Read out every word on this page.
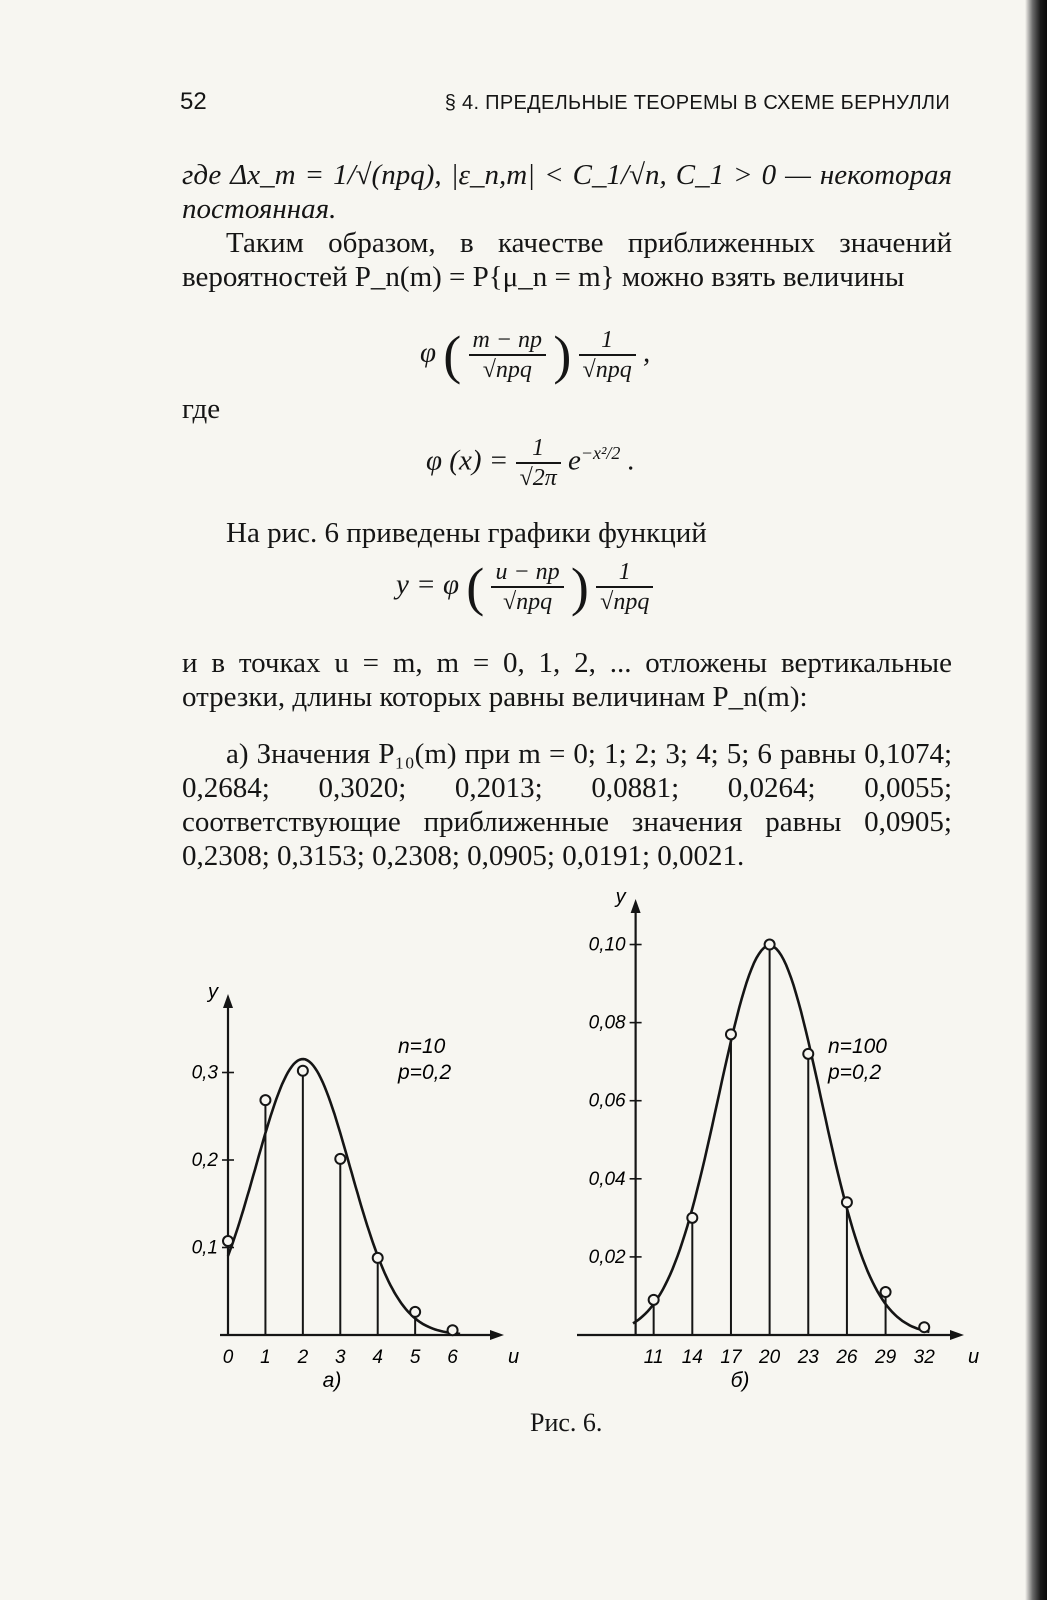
52	§ 4. ПРЕДЕЛЬНЫЕ ТЕОРЕМЫ В СХЕМЕ БЕРНУЛЛИ
где Δx_m = 1/√(npq), |ε_n,m| < C_1/√n, C_1 > 0 — некоторая постоянная.
Таким образом, в качестве приближенных значений вероятностей P_n(m) = P{μ_n = m} можно взять величины
φ ( $\frac{m - np}{\text{√npq}}$ ) $\frac{1}{\text{√npq}}$ ,
где
φ $(x) = \frac{1}{√2\pi} e^{-x^2/2}$ .
На рис. 6 приведены графики функций
y = φ ( $\frac{u - np}{\text{√npq}}$ ) $\frac{1}{\text{√npq}}$
и в точках u = m, m = 0, 1, 2, ... отложены вертикальные отрезки, длины которых равны величинам P_n(m):
а) Значения P₁₀(m) при m = 0; 1; 2; 3; 4; 5; 6 равны 0,1074; 0,2684; 0,3020; 0,2013; 0,0881; 0,0264; 0,0055; соответствующие приближенные значения равны 0,0905; 0,2308; 0,3153; 0,2308; 0,0905; 0,0191; 0,0021.
0,1
0,2
0,3
0 1 2 3 4 5 6
y
u
n=10
p=0,2
а)
0,02
0,04
0,06
0,08
0,10
11 14 17 20 23 26 29 32
y
u
n=100
p=0,2
б)
Рис. 6.
